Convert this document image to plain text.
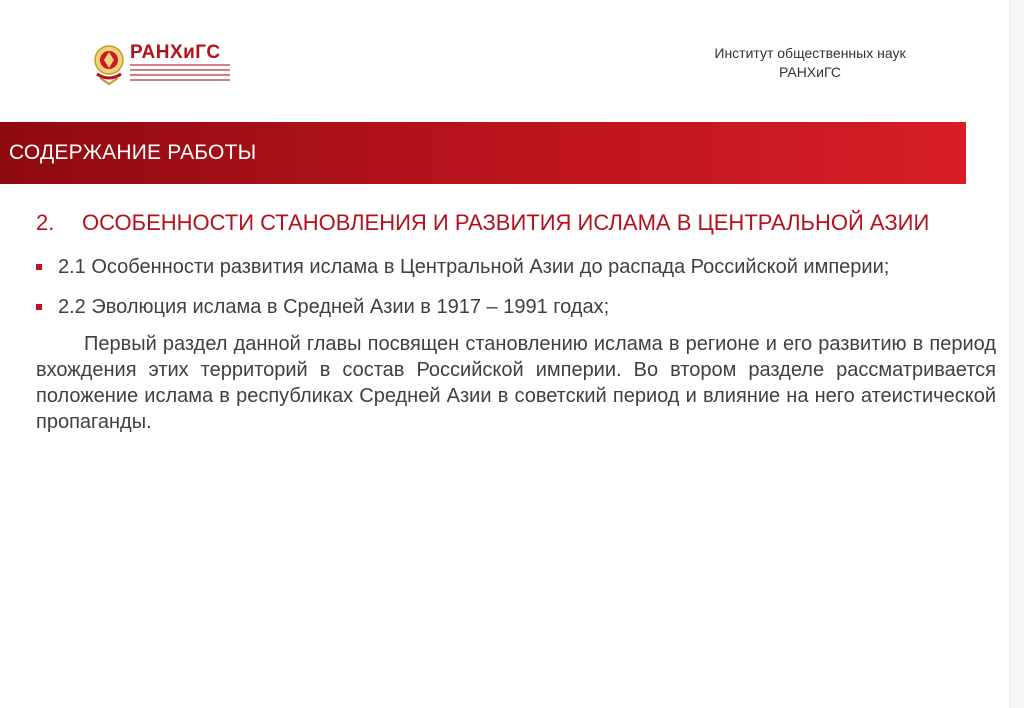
РАНХиГС	Институт общественных наук
РАНХиГС
СОДЕРЖАНИЕ РАБОТЫ
2. ОСОБЕННОСТИ СТАНОВЛЕНИЯ И РАЗВИТИЯ ИСЛАМА В ЦЕНТРАЛЬНОЙ АЗИИ
2.1 Особенности развития ислама в Центральной Азии до распада Российской империи;
2.2 Эволюция ислама в Средней Азии в 1917 – 1991 годах;
Первый раздел данной главы посвящен становлению ислама в регионе и его развитию в период вхождения этих территорий в состав Российской империи. Во втором разделе рассматривается положение ислама в республиках Средней Азии в советский период и влияние на него атеистической пропаганды.
